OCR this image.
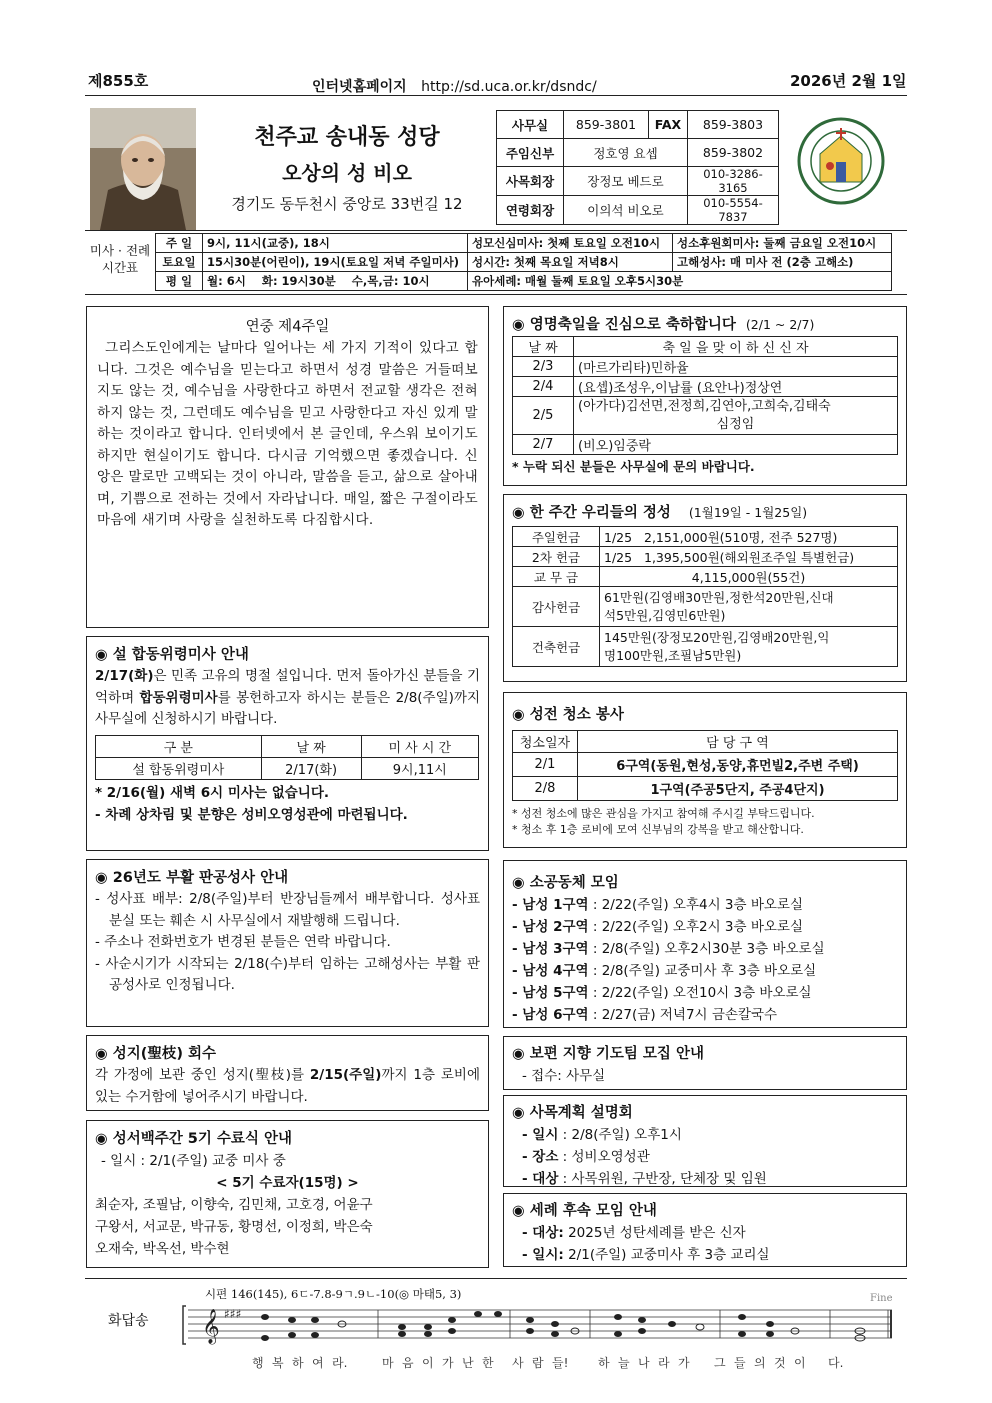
제855호	인터넷홈페이지 http://sd.uca.or.kr/dsndc/	2026년 2월 1일
천주교 송내동 성당
오상의 성 비오
경기도 동두천시 중앙로 33번길 12
사무실	859-3801	FAX	859-3803
주임신부	정호영 요셉		859-3802
사목회장	장정모 베드로		010-3286-3165
연령회장	이의석 비오로		010-5554-7837
미사 · 전례
시간표
주 일	9시, 11시(교중), 18시	성모신심미사: 첫째 토요일 오전10시	성소후원회미사: 둘째 금요일 오전10시
토요일	15시30분(어린이), 19시(토요일 저녁 주일미사)	성시간: 첫째 목요일 저녁8시	고해성사: 매 미사 전 (2층 고해소)
평 일	월: 6시    화: 19시30분    수,목,금: 10시	유아세례: 매월 둘째 토요일 오후5시30분	
연중 제4주일
그리스도인에게는 날마다 일어나는 세 가지 기적이 있다고 합니다. 그것은 예수님을 믿는다고 하면서 성경 말씀은 거들떠보지도 않는 것, 예수님을 사랑한다고 하면서 전교할 생각은 전혀 하지 않는 것, 그런데도 예수님을 믿고 사랑한다고 자신 있게 말하는 것이라고 합니다. 인터넷에서 본 글인데, 우스워 보이기도 하지만 현실이기도 합니다. 다시금 기억했으면 좋겠습니다. 신앙은 말로만 고백되는 것이 아니라, 말씀을 듣고, 삶으로 살아내며, 기쁨으로 전하는 것에서 자라납니다. 매일, 짧은 구절이라도 마음에 새기며 사랑을 실천하도록 다짐합시다.
◉ 설 합동위령미사 안내
2/17(화)은 민족 고유의 명절 설입니다. 먼저 돌아가신 분들을 기억하며 합동위령미사를 봉헌하고자 하시는 분들은 2/8(주일)까지 사무실에 신청하시기 바랍니다.
구 분	날 짜	미 사 시 간
설 합동위령미사	2/17(화)	9시,11시
* 2/16(월) 새벽 6시 미사는 없습니다.
- 차례 상차림 및 분향은 성비오영성관에 마련됩니다.
◉ 26년도 부활 판공성사 안내
- 성사표 배부: 2/8(주일)부터 반장님들께서 배부합니다. 성사표 분실 또는 훼손 시 사무실에서 재발행해 드립니다.
- 주소나 전화번호가 변경된 분들은 연락 바랍니다.
- 사순시기가 시작되는 2/18(수)부터 임하는 고해성사는 부활 판공성사로 인정됩니다.
◉ 성지(聖枝) 회수
각 가정에 보관 중인 성지(聖枝)를 2/15(주일)까지 1층 로비에 있는 수거함에 넣어주시기 바랍니다.
◉ 성서백주간 5기 수료식 안내
- 일시 : 2/1(주일) 교중 미사 중
< 5기 수료자(15명) >
최순자, 조필남, 이향숙, 김민채, 고호경, 어윤구
구왕서, 서교문, 박규동, 황명선, 이정희, 박은숙
오재숙, 박옥선, 박수현
◉ 영명축일을 진심으로 축하합니다 (2/1 ~ 2/7)
날 짜	축 일 을 맞 이 하 신 신 자
2/3	(마르가리타)민하율
2/4	(요셉)조성우,이남률 (요안나)정상연
2/5	(아가다)김선면,전정희,김연아,고희숙,김태숙
심정임

2/7	(비오)임중락
* 누락 되신 분들은 사무실에 문의 바랍니다.
◉ 한 주간 우리들의 정성 (1월19일 - 1월25일)
주일헌금	1/25   2,151,000원(510명, 전주 527명)
2차 헌금	1/25   1,395,500원(해외원조주일 특별헌금)
교 무 금	4,115,000원(55건)
감사헌금	61만원(김영배30만원,정한석20만원,신대
석5만원,김영민6만원)

건축헌금	145만원(장정모20만원,김영배20만원,익
명100만원,조필남5만원)
◉ 성전 청소 봉사
청소일자	담 당 구 역
2/1	6구역(동원,현성,동양,휴먼빌2,주변 주택)
2/8	1구역(주공5단지, 주공4단지)
* 성전 청소에 많은 관심을 가지고 참여해 주시길 부탁드립니다.
* 청소 후 1층 로비에 모여 신부님의 강복을 받고 해산합니다.
◉ 소공동체 모임
- 남성 1구역 : 2/22(주일) 오후4시 3층 바오로실
- 남성 2구역 : 2/22(주일) 오후2시 3층 바오로실
- 남성 3구역 : 2/8(주일) 오후2시30분 3층 바오로실
- 남성 4구역 : 2/8(주일) 교중미사 후 3층 바오로실
- 남성 5구역 : 2/22(주일) 오전10시 3층 바오로실
- 남성 6구역 : 2/27(금) 저녁7시 금손칼국수
◉ 보편 지향 기도팀 모집 안내
- 접수: 사무실
◉ 사목계획 설명회
- 일시 : 2/8(주일) 오후1시
- 장소 : 성비오영성관
- 대상 : 사목위원, 구반장, 단체장 및 임원
◉ 세례 후속 모임 안내
- 대상: 2025년 성탄세례를 받은 신자
- 일시: 2/1(주일) 교중미사 후 3층 교리실
화답송
시편 146(145), 6ㄷ-7.8-9ㄱ.9ㄴ-10(◎ 마태5, 3)	Fine
𝄞 ♯♯♯
행 복 하 여 라.	마 음 이 가 난 한	사 람 들!	하 늘 나 라 가	그 들 의 것 이	다.
